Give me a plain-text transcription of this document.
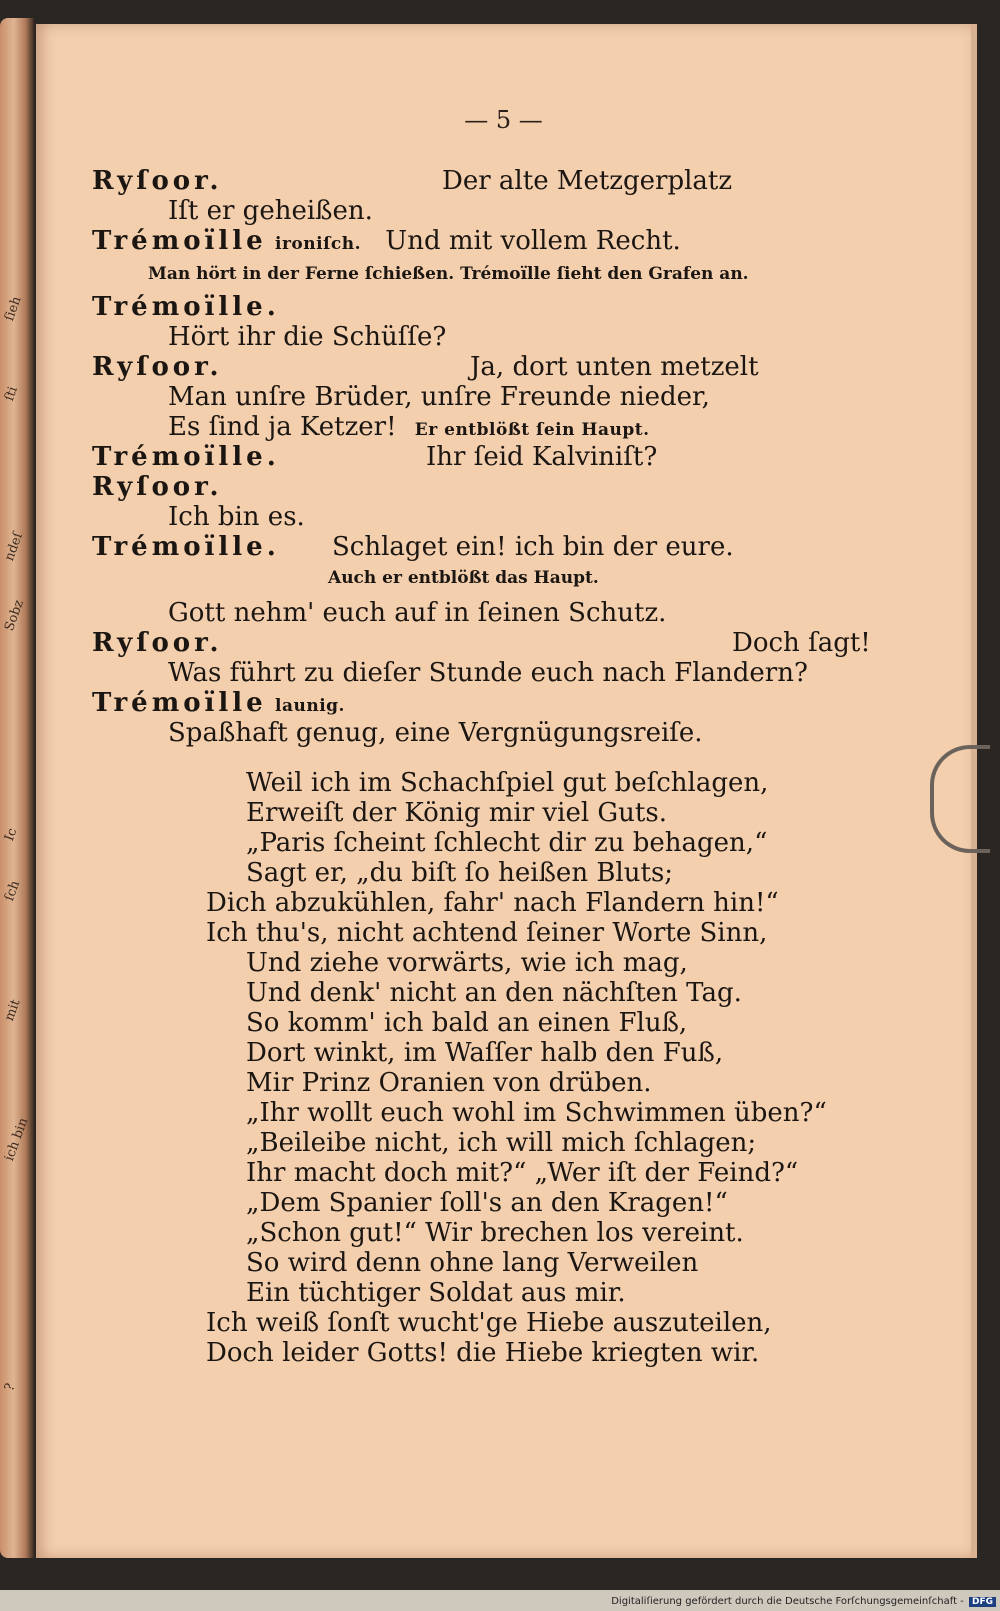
ſieh
ſti
ndeſ
Sobz
Ic
ſch
mit
ich bin
?
— 5 —
Ryſoor.	Der alte Metzgerplatz
Iſt er geheißen.
Trémoïlle ironiſch. Und mit vollem Recht.
Man hört in der Ferne ſchießen. Trémoïlle ſieht den Grafen an.
Trémoïlle.
Hört ihr die Schüſſe?
Ryſoor.	Ja, dort unten metzelt
Man unſre Brüder, unſre Freunde nieder,
Es ſind ja Ketzer! Er entblößt ſein Haupt.
Trémoïlle.	Ihr ſeid Kalviniſt?
Ryſoor.
Ich bin es.
Trémoïlle. Schlaget ein! ich bin der eure.
Auch er entblößt das Haupt.
Gott nehm' euch auf in ſeinen Schutz.
Ryſoor.	Doch ſagt!
Was führt zu dieſer Stunde euch nach Flandern?
Trémoïlle launig.
Spaßhaft genug, eine Vergnügungsreiſe.
Weil ich im Schachſpiel gut beſchlagen,
Erweiſt der König mir viel Guts.
„Paris ſcheint ſchlecht dir zu behagen,“
Sagt er, „du biſt ſo heißen Bluts;
Dich abzukühlen, fahr' nach Flandern hin!“
Ich thu's, nicht achtend ſeiner Worte Sinn,
Und ziehe vorwärts, wie ich mag,
Und denk' nicht an den nächſten Tag.
So komm' ich bald an einen Fluß,
Dort winkt, im Waſſer halb den Fuß,
Mir Prinz Oranien von drüben.
„Ihr wollt euch wohl im Schwimmen üben?“
„Beileibe nicht, ich will mich ſchlagen;
Ihr macht doch mit?“ „Wer iſt der Feind?“
„Dem Spanier ſoll's an den Kragen!“
„Schon gut!“ Wir brechen los vereint.
So wird denn ohne lang Verweilen
Ein tüchtiger Soldat aus mir.
Ich weiß ſonſt wucht'ge Hiebe auszuteilen,
Doch leider Gotts! die Hiebe kriegten wir.
Digitaliſierung gefördert durch die Deutsche Forſchungsgemeinſchaft - DFG
